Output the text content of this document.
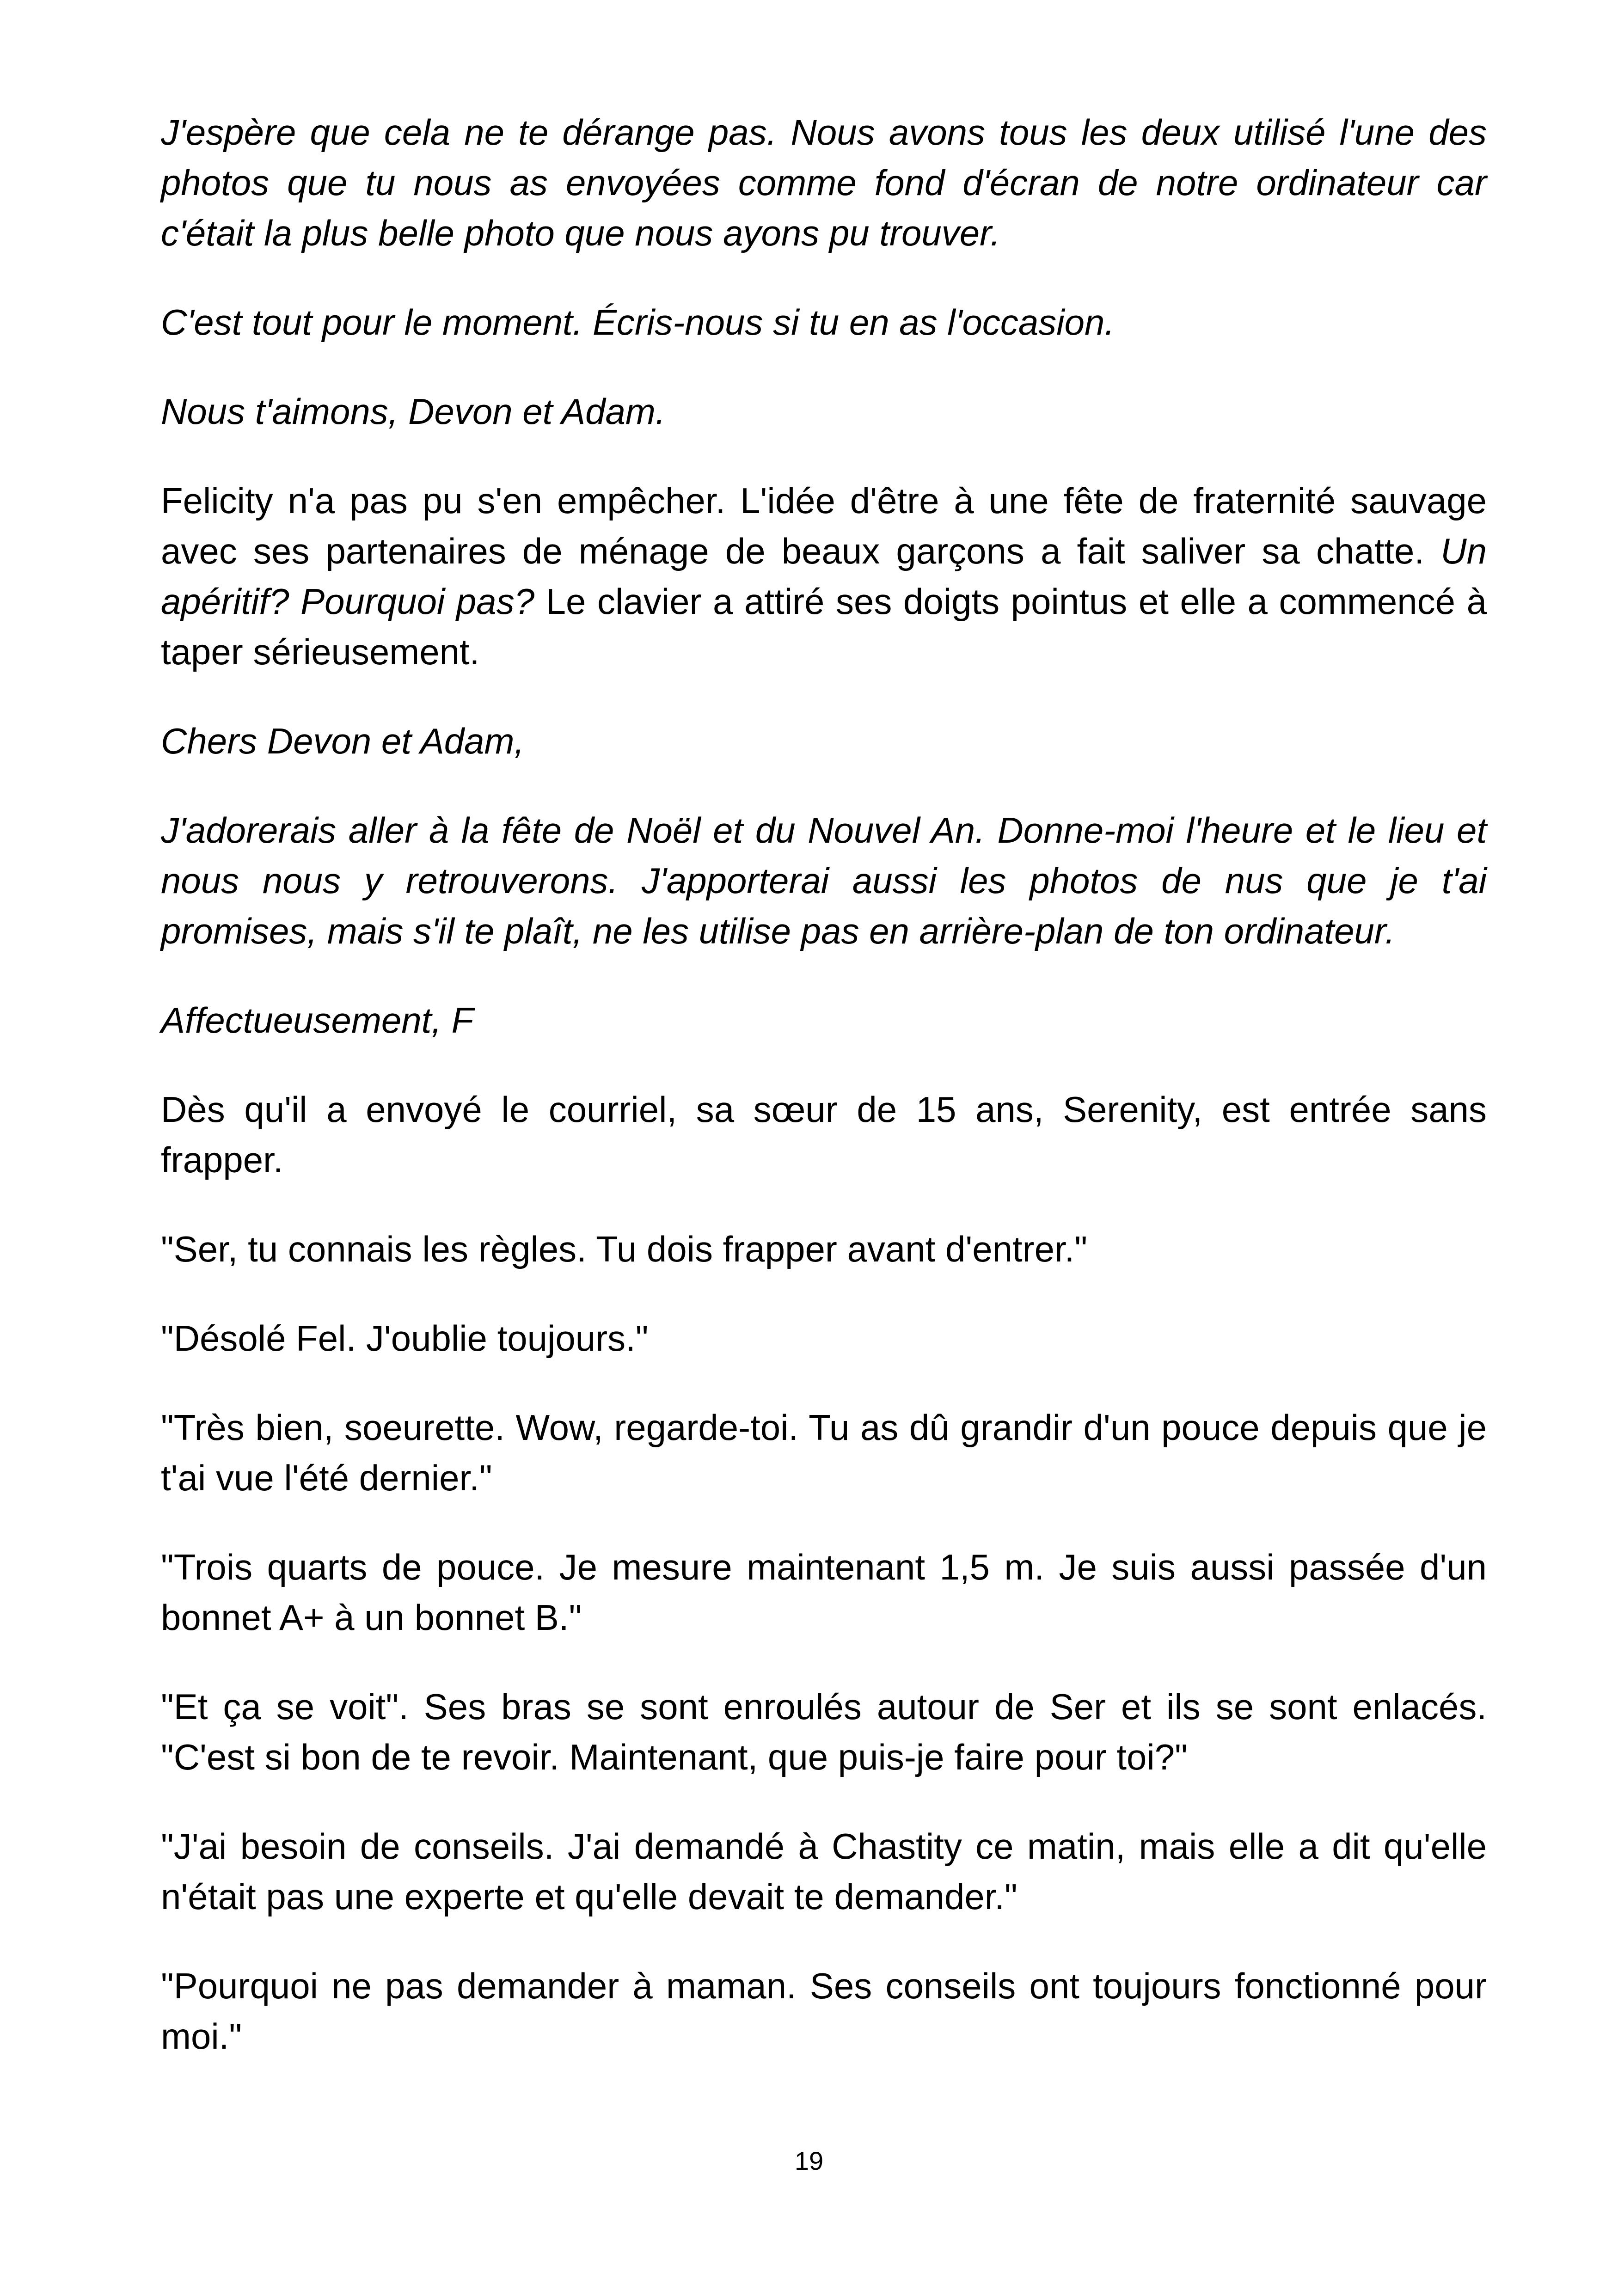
J'espère que cela ne te dérange pas. Nous avons tous les deux utilisé l'une des photos que tu nous as envoyées comme fond d'écran de notre ordinateur car c'était la plus belle photo que nous ayons pu trouver.

C'est tout pour le moment. Écris-nous si tu en as l'occasion.

Nous t'aimons, Devon et Adam.

Felicity n'a pas pu s'en empêcher. L'idée d'être à une fête de fraternité sauvage avec ses partenaires de ménage de beaux garçons a fait saliver sa chatte. Un apéritif? Pourquoi pas? Le clavier a attiré ses doigts pointus et elle a commencé à taper sérieusement.

Chers Devon et Adam,

J'adorerais aller à la fête de Noël et du Nouvel An. Donne-moi l'heure et le lieu et nous nous y retrouverons. J'apporterai aussi les photos de nus que je t'ai promises, mais s'il te plaît, ne les utilise pas en arrière-plan de ton ordinateur.

Affectueusement, F

Dès qu'il a envoyé le courriel, sa sœur de 15 ans, Serenity, est entrée sans frapper.

"Ser, tu connais les règles. Tu dois frapper avant d'entrer."

"Désolé Fel. J'oublie toujours."

"Très bien, soeurette. Wow, regarde-toi. Tu as dû grandir d'un pouce depuis que je t'ai vue l'été dernier."

"Trois quarts de pouce. Je mesure maintenant 1,5 m. Je suis aussi passée d'un bonnet A+ à un bonnet B."

"Et ça se voit". Ses bras se sont enroulés autour de Ser et ils se sont enlacés. "C'est si bon de te revoir. Maintenant, que puis-je faire pour toi?"

"J'ai besoin de conseils. J'ai demandé à Chastity ce matin, mais elle a dit qu'elle n'était pas une experte et qu'elle devait te demander."

"Pourquoi ne pas demander à maman. Ses conseils ont toujours fonctionné pour moi."

19
